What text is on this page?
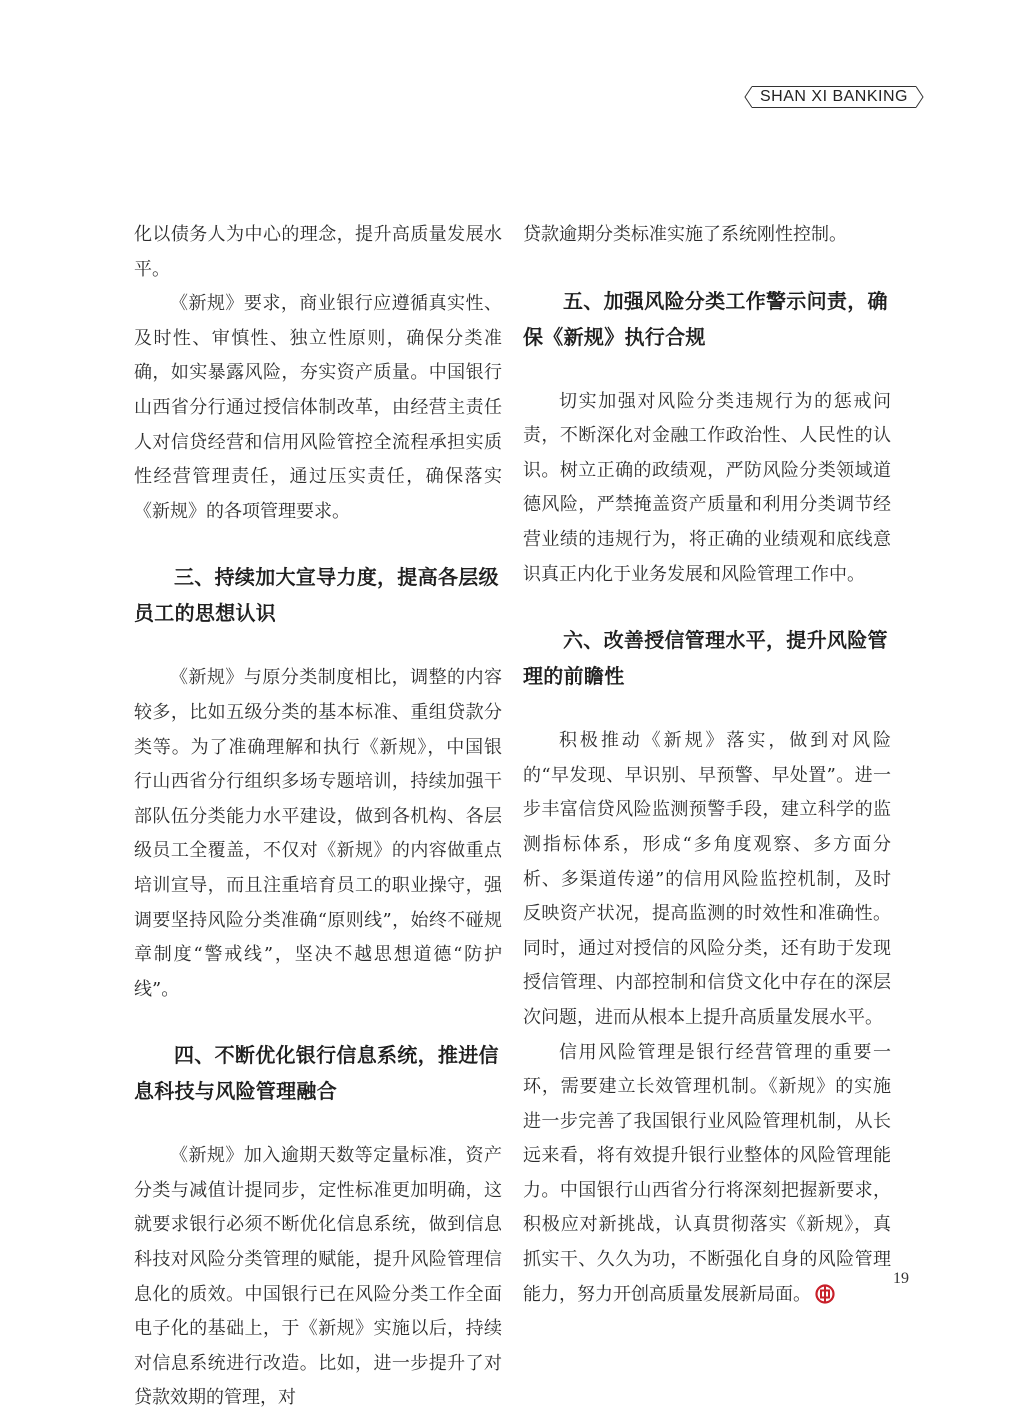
SHAN XI BANKING

化以债务人为中心的理念，提升高质量发展水平。

《新规》要求，商业银行应遵循真实性、及时性、审慎性、独立性原则，确保分类准确，如实暴露风险，夯实资产质量。中国银行山西省分行通过授信体制改革，由经营主责任人对信贷经营和信用风险管控全流程承担实质性经营管理责任，通过压实责任，确保落实《新规》的各项管理要求。

三、持续加大宣导力度，提高各层级员工的思想认识

《新规》与原分类制度相比，调整的内容较多，比如五级分类的基本标准、重组贷款分类等。为了准确理解和执行《新规》，中国银行山西省分行组织多场专题培训，持续加强干部队伍分类能力水平建设，做到各机构、各层级员工全覆盖，不仅对《新规》的内容做重点培训宣导，而且注重培育员工的职业操守，强调要坚持风险分类准确“原则线”，始终不碰规章制度“警戒线”，坚决不越思想道德“防护线”。

四、不断优化银行信息系统，推进信息科技与风险管理融合

《新规》加入逾期天数等定量标准，资产分类与减值计提同步，定性标准更加明确，这就要求银行必须不断优化信息系统，做到信息科技对风险分类管理的赋能，提升风险管理信息化的质效。中国银行已在风险分类工作全面电子化的基础上，于《新规》实施以后，持续对信息系统进行改造。比如，进一步提升了对贷款效期的管理，对

贷款逾期分类标准实施了系统刚性控制。

五、加强风险分类工作警示问责，确保《新规》执行合规

切实加强对风险分类违规行为的惩戒问责，不断深化对金融工作政治性、人民性的认识。树立正确的政绩观，严防风险分类领域道德风险，严禁掩盖资产质量和利用分类调节经营业绩的违规行为，将正确的业绩观和底线意识真正内化于业务发展和风险管理工作中。

六、改善授信管理水平，提升风险管理的前瞻性

积极推动《新规》落实，做到对风险的“早发现、早识别、早预警、早处置”。进一步丰富信贷风险监测预警手段，建立科学的监测指标体系，形成“多角度观察、多方面分析、多渠道传递”的信用风险监控机制，及时反映资产状况，提高监测的时效性和准确性。同时，通过对授信的风险分类，还有助于发现授信管理、内部控制和信贷文化中存在的深层次问题，进而从根本上提升高质量发展水平。

信用风险管理是银行经营管理的重要一环，需要建立长效管理机制。《新规》的实施进一步完善了我国银行业风险管理机制，从长远来看，将有效提升银行业整体的风险管理能力。中国银行山西省分行将深刻把握新要求，积极应对新挑战，认真贯彻落实《新规》，真抓实干、久久为功，不断强化自身的风险管理能力，努力开创高质量发展新局面。

19
